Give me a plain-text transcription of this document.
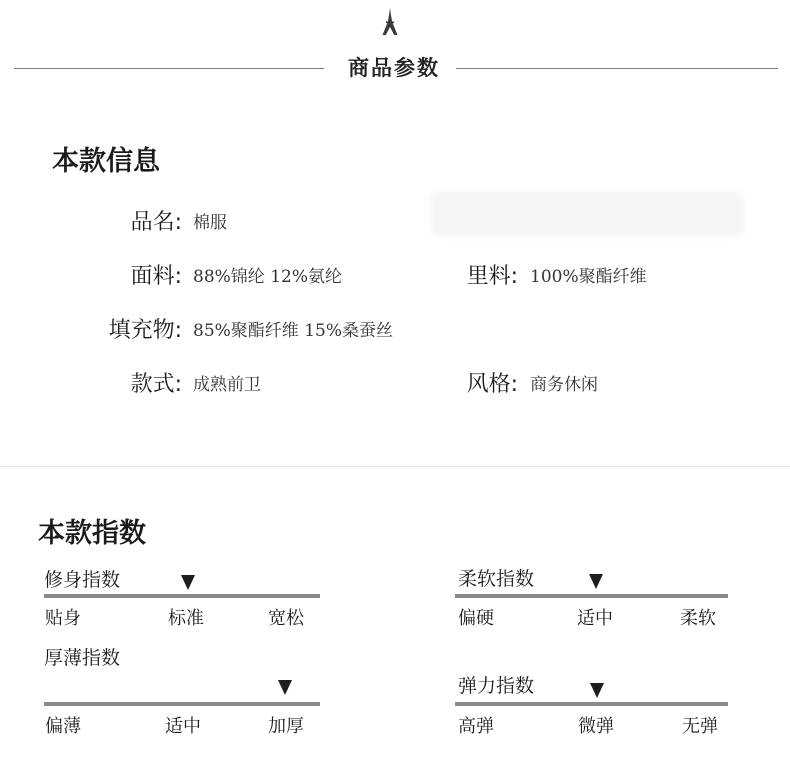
商品参数
本款信息
品名: 棉服
面料: 88%锦纶 12%氨纶	里料: 100%聚酯纤维
填充物: 85%聚酯纤维 15%桑蚕丝
款式: 成熟前卫	风格: 商务休闲
本款指数
修身指数
贴身	标准	宽松
柔软指数
偏硬	适中	柔软
厚薄指数
偏薄	适中	加厚
弹力指数
高弹	微弹	无弹
